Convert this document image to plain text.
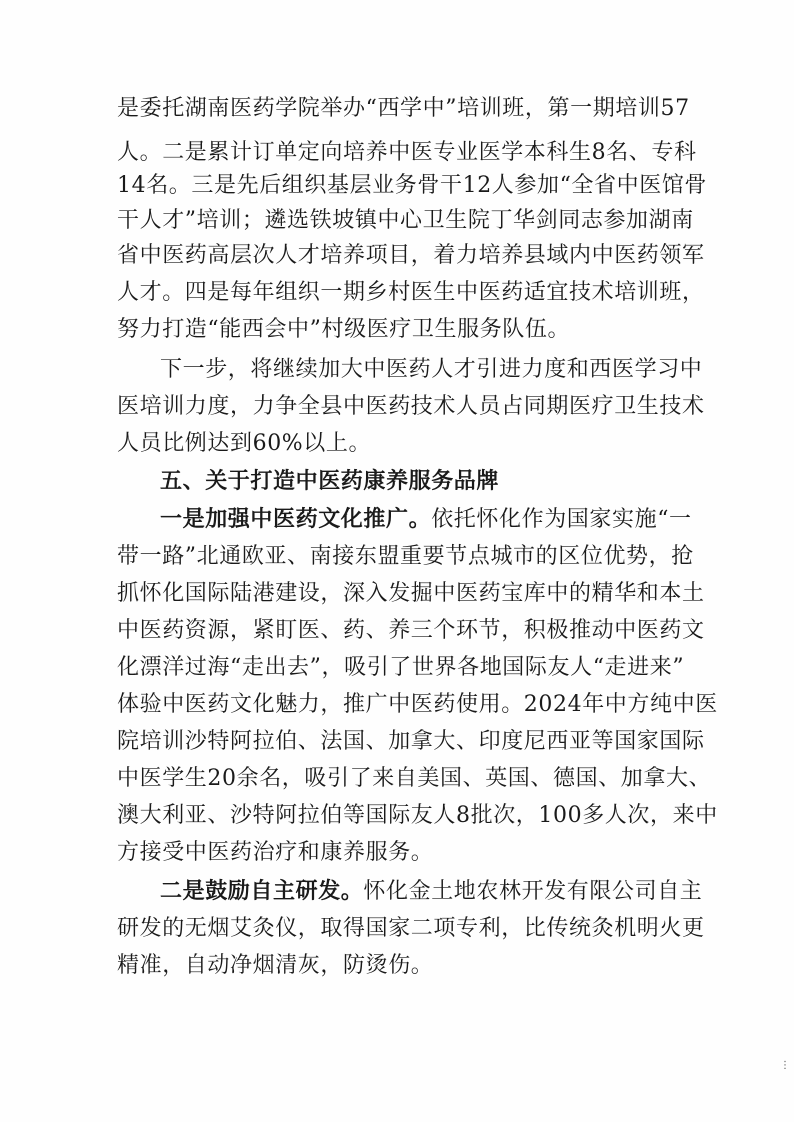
是委托湖南医药学院举办“西学中”培训班，第一期培训57
人。二是累计订单定向培养中医专业医学本科生8名、专科
14名。三是先后组织基层业务骨干12人参加“全省中医馆骨
干人才”培训；遴选铁坡镇中心卫生院丁华剑同志参加湖南
省中医药高层次人才培养项目，着力培养县域内中医药领军
人才。四是每年组织一期乡村医生中医药适宜技术培训班，
努力打造“能西会中”村级医疗卫生服务队伍。
下一步，将继续加大中医药人才引进力度和西医学习中
医培训力度，力争全县中医药技术人员占同期医疗卫生技术
人员比例达到60%以上。
五、关于打造中医药康养服务品牌
一是加强中医药文化推广。依托怀化作为国家实施“一
带一路”北通欧亚、南接东盟重要节点城市的区位优势，抢
抓怀化国际陆港建设，深入发掘中医药宝库中的精华和本土
中医药资源，紧盯医、药、养三个环节，积极推动中医药文
化漂洋过海“走出去”，吸引了世界各地国际友人“走进来”
体验中医药文化魅力，推广中医药使用。2024年中方纯中医
院培训沙特阿拉伯、法国、加拿大、印度尼西亚等国家国际
中医学生20余名，吸引了来自美国、英国、德国、加拿大、
澳大利亚、沙特阿拉伯等国际友人8批次，100多人次，来中
方接受中医药治疗和康养服务。
二是鼓励自主研发。怀化金土地农林开发有限公司自主
研发的无烟艾灸仪，取得国家二项专利，比传统灸机明火更
精准，自动净烟清灰，防烫伤。
⋮
